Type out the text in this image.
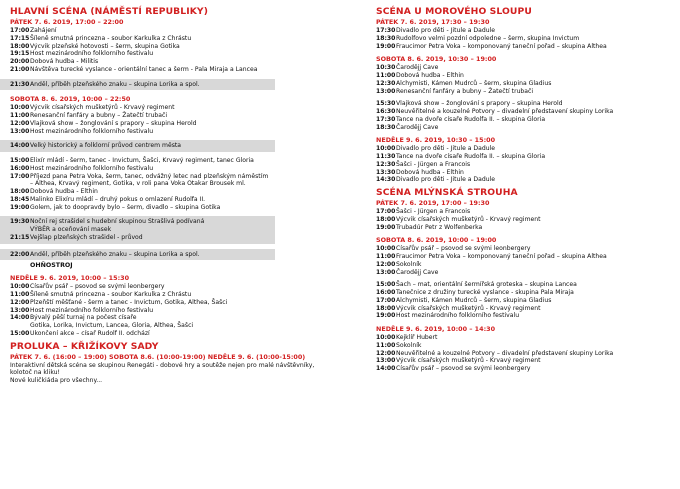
HLAVNÍ SCÉNA (NÁMĚSTÍ REPUBLIKY)
PÁTEK 7. 6. 2019, 17:00 – 22:00
17:00 Zahájení
17:15 Šíleně smutná princezna - soubor Karkulka z Chrástu
18:00 Výcvik plzeňské hotovosti – šerm, skupina Gotika
19:15 Host mezinárodního folklorního festivalu
20:00 Dobová hudba - Militis
21:00 Návštěva turecké vyslance - orientální tanec a šerm - Pala Miraja a Lancea
21:30 Anděl, příběh plzeňského znaku – skupina Lorika a spol.
SOBOTA 8. 6. 2019, 10:00 – 22:50
10:00 Výcvik císařských mušketýrů - Krvavý regiment
11:00 Renesanční fanfáry a bubny – Žatečtí trubači
12:00 Vlajková show – žonglování s prapory – skupina Herold
13:00 Host mezinárodního folklorního festivalu
14:00 Velký historický a folklorní průvod centrem města
15:00 Elixír mládí - šerm, tanec - Invictum, Šašci, Krvavý regiment, tanec Gloria
16:00 Host mezinárodního folklorního festivalu
17:00 Příjezd pana Petra Voka, šerm, tanec, odvážný letec nad plzeňským náměstím
– Althea, Krvavý regiment, Gotika, v roli pana Voka Otakar Brousek ml.
18:00 Dobová hudba - Elthin
18:45 Malinko Elixíru mládí – druhý pokus o omlazení Rudolfa II.
19:00 Golem, jak to doopravdy bylo – šerm, divadlo – skupina Gotika
19:30 Noční rej strašidel s hudební skupinou Strašlivá podívaná
VÝBĚR a oceňování masek
21:15 Vejšlap plzeňských strašidel - průvod
22:00 Anděl, příběh plzeňského znaku – skupina Lorika a spol.
OHŇOSTROJ
NEDĚLE 9. 6. 2019, 10:00 – 15:30
10:00 Císařův psář – psovod se svými leonbergery
11:00 Šíleně smutná princezna - soubor Karkulka z Chrástu
12:00 Plzeňští měšťané - šerm a tanec - Invictum, Gotika, Althea, Šašci
13:00 Host mezinárodního folklorního festivalu
14:00 Bývalý pěší turnaj na počest císaře
Gotika, Lorika, Invictum, Lancea, Gloria, Althea, Šašci
15:00 Ukončení akce – císař Rudolf II. odchází
PROLUKA – KŘIŽÍKOVY SADY
PÁTEK 7. 6. (16:00 – 19:00) SOBOTA 8.6. (10:00-19:00) NEDĚLE 9. 6. (10:00-15:00)
Interaktivní dětská scéna se skupinou Renegáti - dobové hry a soutěže nejen pro malé návštěvníky,
kolotoč na kliku!
Nové kuličkiáda pro všechny...
SCÉNA U MOROVÉHO SLOUPU
PÁTEK 7. 6. 2019, 17:30 – 19:30
17:30 Divadlo pro děti - Jitule a Dadule
18:30 Rudolfovo velmi pozdní odpoledne – šerm, skupina Invictum
19:00 Fraucimor Petra Voka – komponovaný taneční pořad – skupina Althea
SOBOTA 8. 6. 2019, 10:30 – 19:00
10:30 Čarodějj Cave
11:00 Dobová hudba - Elthin
12:30 Alchymisti, Kámen Mudrců – šerm, skupina Gladius
13:00 Renesanční fanfáry a bubny – Žatečtí trubači
15:30 Vlajková show – žonglování s prapory – skupina Herold
16:30 Neuvěřitelné a kouzelné Potvory – divadelní představení skupiny Lorika
17:30 Tance na dvoře císaře Rudolfa II. – skupina Gloria
18:30 Čarodějj Cave
NEDĚLE 9. 6. 2019, 10:30 – 15:00
10:00 Divadlo pro děti - Jitule a Dadule
11:30 Tance na dvoře císaře Rudolfa II. – skupina Gloria
12:30 Šašci - Jürgen a Francois
13:30 Dobová hudba - Elthin
14:30 Divadlo pro děti - Jitule a Dadule
SCÉNA MLÝNSKÁ STROUHA
PÁTEK 7. 6. 2019, 17:00 – 19:30
17:00 Šašci - Jürgen a Francois
18:00 Výcvik císařských mušketýrů - Krvavý regiment
19:00 Trubadúr Petr z Wolfenberka
SOBOTA 8. 6. 2019, 10:00 – 19:00
10:00 Císařův psář – psovod se svými leonbergery
11:00 Fraucimor Petra Voka – komponovaný taneční pořad – skupina Althea
12:00 Sokolník
13:00 Čarodějj Cave
15:00 Šach – mat, orientální šermířská groteska – skupina Lancea
16:00 Tanečnice z družiny turecké vyslance - skupina Pala Miraja
17:00 Alchymisti, Kámen Mudrců – šerm, skupina Gladius
18:00 Výcvik císařských mušketýrů - Krvavý regiment
19:00 Host mezinárodního folklorního festivalu
NEDĚLE 9. 6. 2019, 10:00 – 14:30
10:00 Kejklíř Hubert
11:00 Sokolník
12:00 Neuvěřitelné a kouzelné Potvory – divadelní představení skupiny Lorika
13:00 Výcvik císařských mušketýrů - Krvavý regiment
14:00 Císařův psář – psovod se svými leonbergery
